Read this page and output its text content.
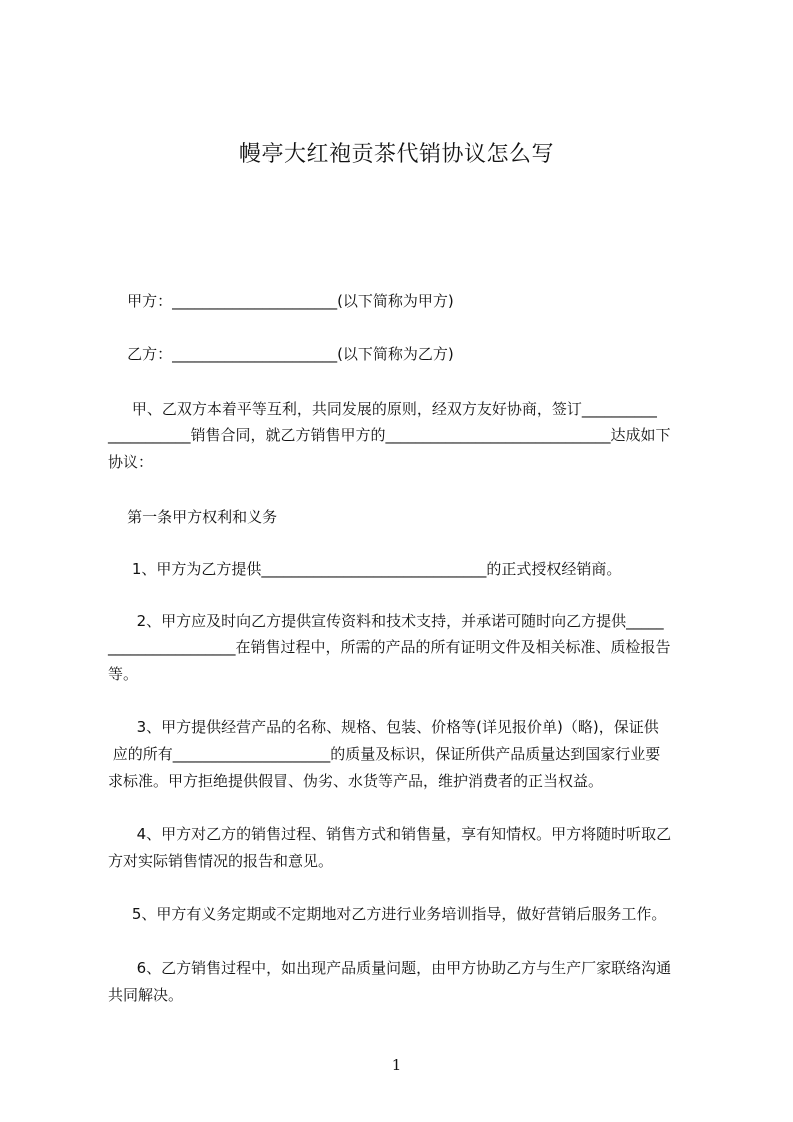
幔亭大红袍贡茶代销协议怎么写
甲方：______________________(以下简称为甲方)
乙方：______________________(以下简称为乙方)
甲、乙双方本着平等互利，共同发展的原则，经双方友好协商，签订__________
___________销售合同，就乙方销售甲方的______________________________达成如下
协议：
第一条甲方权利和义务
1、甲方为乙方提供______________________________的正式授权经销商。
2、甲方应及时向乙方提供宣传资料和技术支持，并承诺可随时向乙方提供_____
_________________在销售过程中，所需的产品的所有证明文件及相关标准、质检报告
等。
3、甲方提供经营产品的名称、规格、包装、价格等(详见报价单)（略)，保证供
应的所有_____________________的质量及标识，保证所供产品质量达到国家行业要
求标准。甲方拒绝提供假冒、伪劣、水货等产品，维护消费者的正当权益。
4、甲方对乙方的销售过程、销售方式和销售量，享有知情权。甲方将随时听取乙
方对实际销售情况的报告和意见。
5、甲方有义务定期或不定期地对乙方进行业务培训指导，做好营销后服务工作。
6、乙方销售过程中，如出现产品质量问题，由甲方协助乙方与生产厂家联络沟通
共同解决。
1
